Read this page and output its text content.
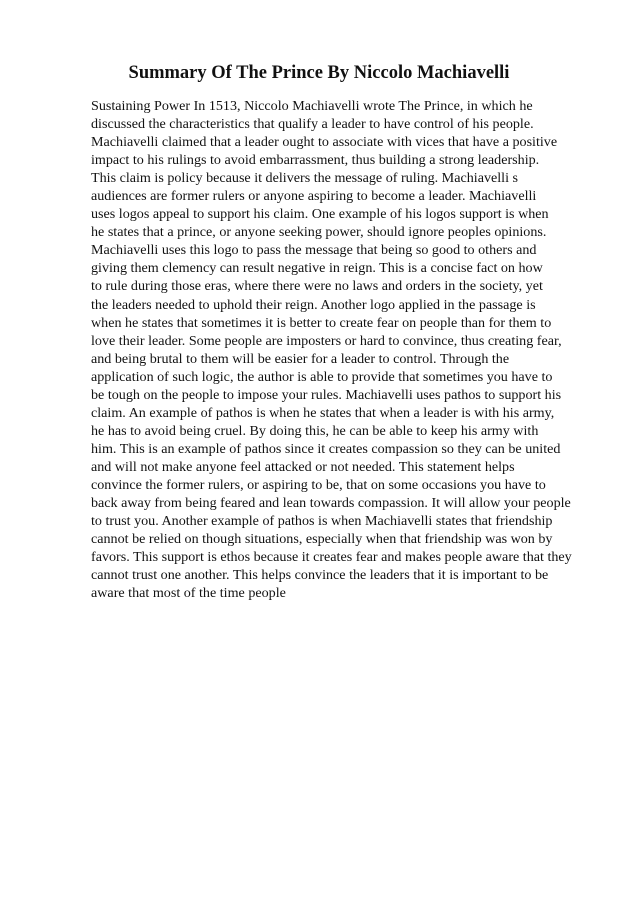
Summary Of The Prince By Niccolo Machiavelli
Sustaining Power In 1513, Niccolo Machiavelli wrote The Prince, in which he
discussed the characteristics that qualify a leader to have control of his people.
Machiavelli claimed that a leader ought to associate with vices that have a positive
impact to his rulings to avoid embarrassment, thus building a strong leadership.
This claim is policy because it delivers the message of ruling. Machiavelli s
audiences are former rulers or anyone aspiring to become a leader. Machiavelli
uses logos appeal to support his claim. One example of his logos support is when
he states that a prince, or anyone seeking power, should ignore peoples opinions.
Machiavelli uses this logo to pass the message that being so good to others and
giving them clemency can result negative in reign. This is a concise fact on how
to rule during those eras, where there were no laws and orders in the society, yet
the leaders needed to uphold their reign. Another logo applied in the passage is
when he states that sometimes it is better to create fear on people than for them to
love their leader. Some people are imposters or hard to convince, thus creating fear,
and being brutal to them will be easier for a leader to control. Through the
application of such logic, the author is able to provide that sometimes you have to
be tough on the people to impose your rules. Machiavelli uses pathos to support his
claim. An example of pathos is when he states that when a leader is with his army,
he has to avoid being cruel. By doing this, he can be able to keep his army with
him. This is an example of pathos since it creates compassion so they can be united
and will not make anyone feel attacked or not needed. This statement helps
convince the former rulers, or aspiring to be, that on some occasions you have to
back away from being feared and lean towards compassion. It will allow your people
to trust you. Another example of pathos is when Machiavelli states that friendship
cannot be relied on though situations, especially when that friendship was won by
favors. This support is ethos because it creates fear and makes people aware that they
cannot trust one another. This helps convince the leaders that it is important to be
aware that most of the time people
